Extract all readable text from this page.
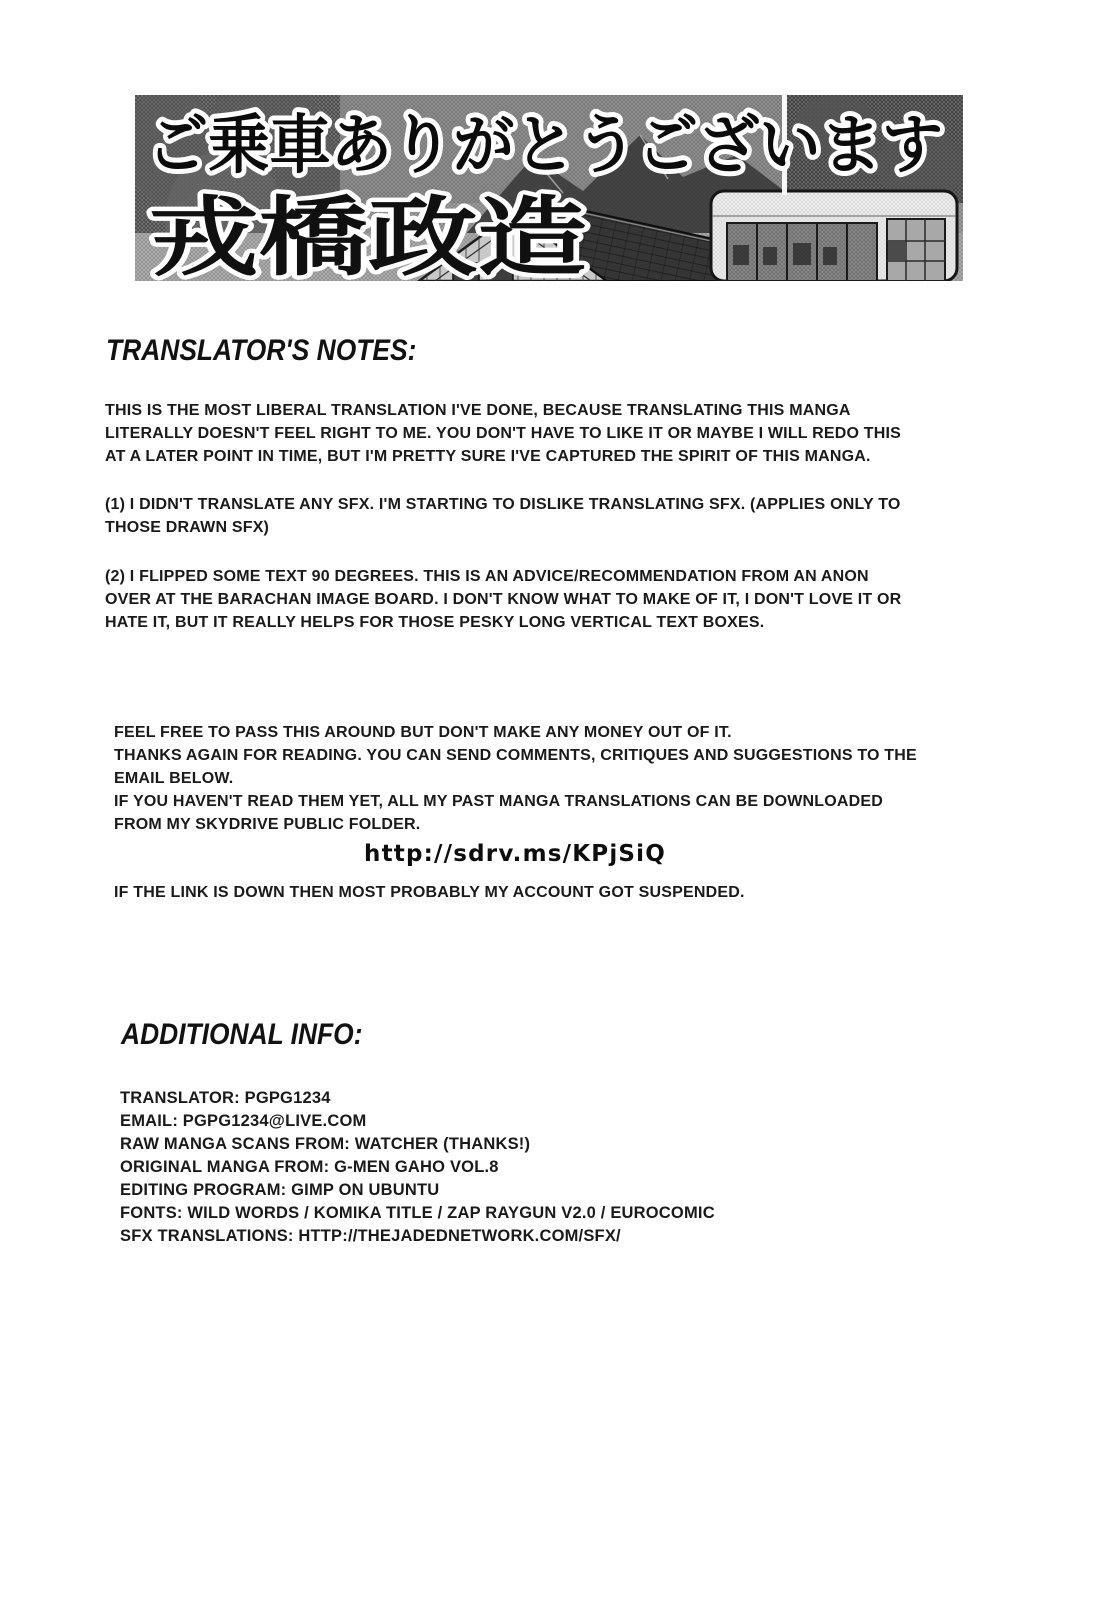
ご乗車ありがとうございます
戎橋政造
TRANSLATOR'S NOTES:
THIS IS THE MOST LIBERAL TRANSLATION I'VE DONE, BECAUSE TRANSLATING THIS MANGA
LITERALLY DOESN'T FEEL RIGHT TO ME. YOU DON'T HAVE TO LIKE IT OR MAYBE I WILL REDO THIS
AT A LATER POINT IN TIME, BUT I'M PRETTY SURE I'VE CAPTURED THE SPIRIT OF THIS MANGA.
(1) I DIDN'T TRANSLATE ANY SFX. I'M STARTING TO DISLIKE TRANSLATING SFX. (APPLIES ONLY TO
THOSE DRAWN SFX)
(2) I FLIPPED SOME TEXT 90 DEGREES. THIS IS AN ADVICE/RECOMMENDATION FROM AN ANON
OVER AT THE BARACHAN IMAGE BOARD. I DON'T KNOW WHAT TO MAKE OF IT, I DON'T LOVE IT OR
HATE IT, BUT IT REALLY HELPS FOR THOSE PESKY LONG VERTICAL TEXT BOXES.
FEEL FREE TO PASS THIS AROUND BUT DON'T MAKE ANY MONEY OUT OF IT.
THANKS AGAIN FOR READING. YOU CAN SEND COMMENTS, CRITIQUES AND SUGGESTIONS TO THE
EMAIL BELOW.
IF YOU HAVEN'T READ THEM YET, ALL MY PAST MANGA TRANSLATIONS CAN BE DOWNLOADED
FROM MY SKYDRIVE PUBLIC FOLDER.
http://sdrv.ms/KPjSiQ
IF THE LINK IS DOWN THEN MOST PROBABLY MY ACCOUNT GOT SUSPENDED.
ADDITIONAL INFO:
TRANSLATOR: PGPG1234
EMAIL: PGPG1234@LIVE.COM
RAW MANGA SCANS FROM: WATCHER (THANKS!)
ORIGINAL MANGA FROM: G-MEN GAHO VOL.8
EDITING PROGRAM: GIMP ON UBUNTU
FONTS: WILD WORDS / KOMIKA TITLE / ZAP RAYGUN V2.0 / EUROCOMIC
SFX TRANSLATIONS: HTTP://THEJADEDNETWORK.COM/SFX/
